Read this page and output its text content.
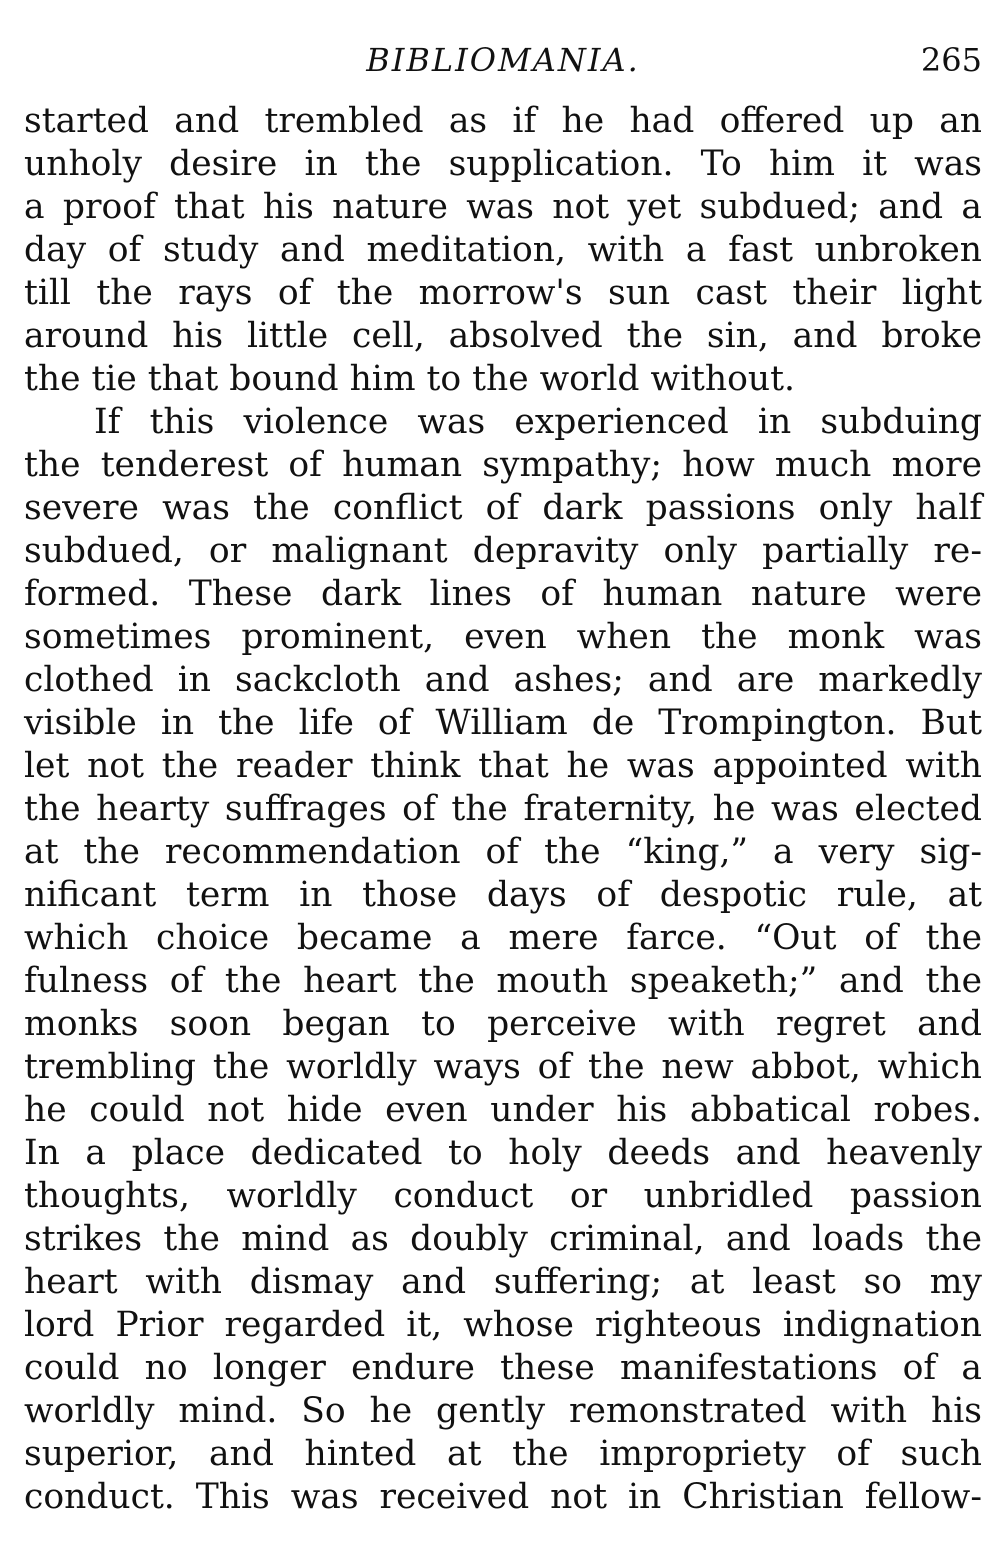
BIBLIOMANIA.	265
started and trembled as if he had offered up an
unholy desire in the supplication. To him it was
a proof that his nature was not yet subdued; and a
day of study and meditation, with a fast unbroken
till the rays of the morrow's sun cast their light
around his little cell, absolved the sin, and broke
the tie that bound him to the world without.
If this violence was experienced in subduing
the tenderest of human sympathy; how much more
severe was the conflict of dark passions only half
subdued, or malignant depravity only partially re-
formed. These dark lines of human nature were
sometimes prominent, even when the monk was
clothed in sackcloth and ashes; and are markedly
visible in the life of William de Trompington. But
let not the reader think that he was appointed with
the hearty suffrages of the fraternity, he was elected
at the recommendation of the “king,” a very sig-
nificant term in those days of despotic rule, at
which choice became a mere farce. “Out of the
fulness of the heart the mouth speaketh;” and the
monks soon began to perceive with regret and
trembling the worldly ways of the new abbot, which
he could not hide even under his abbatical robes.
In a place dedicated to holy deeds and heavenly
thoughts, worldly conduct or unbridled passion
strikes the mind as doubly criminal, and loads the
heart with dismay and suffering; at least so my
lord Prior regarded it, whose righteous indignation
could no longer endure these manifestations of a
worldly mind. So he gently remonstrated with his
superior, and hinted at the impropriety of such
conduct. This was received not in Christian fellow-
